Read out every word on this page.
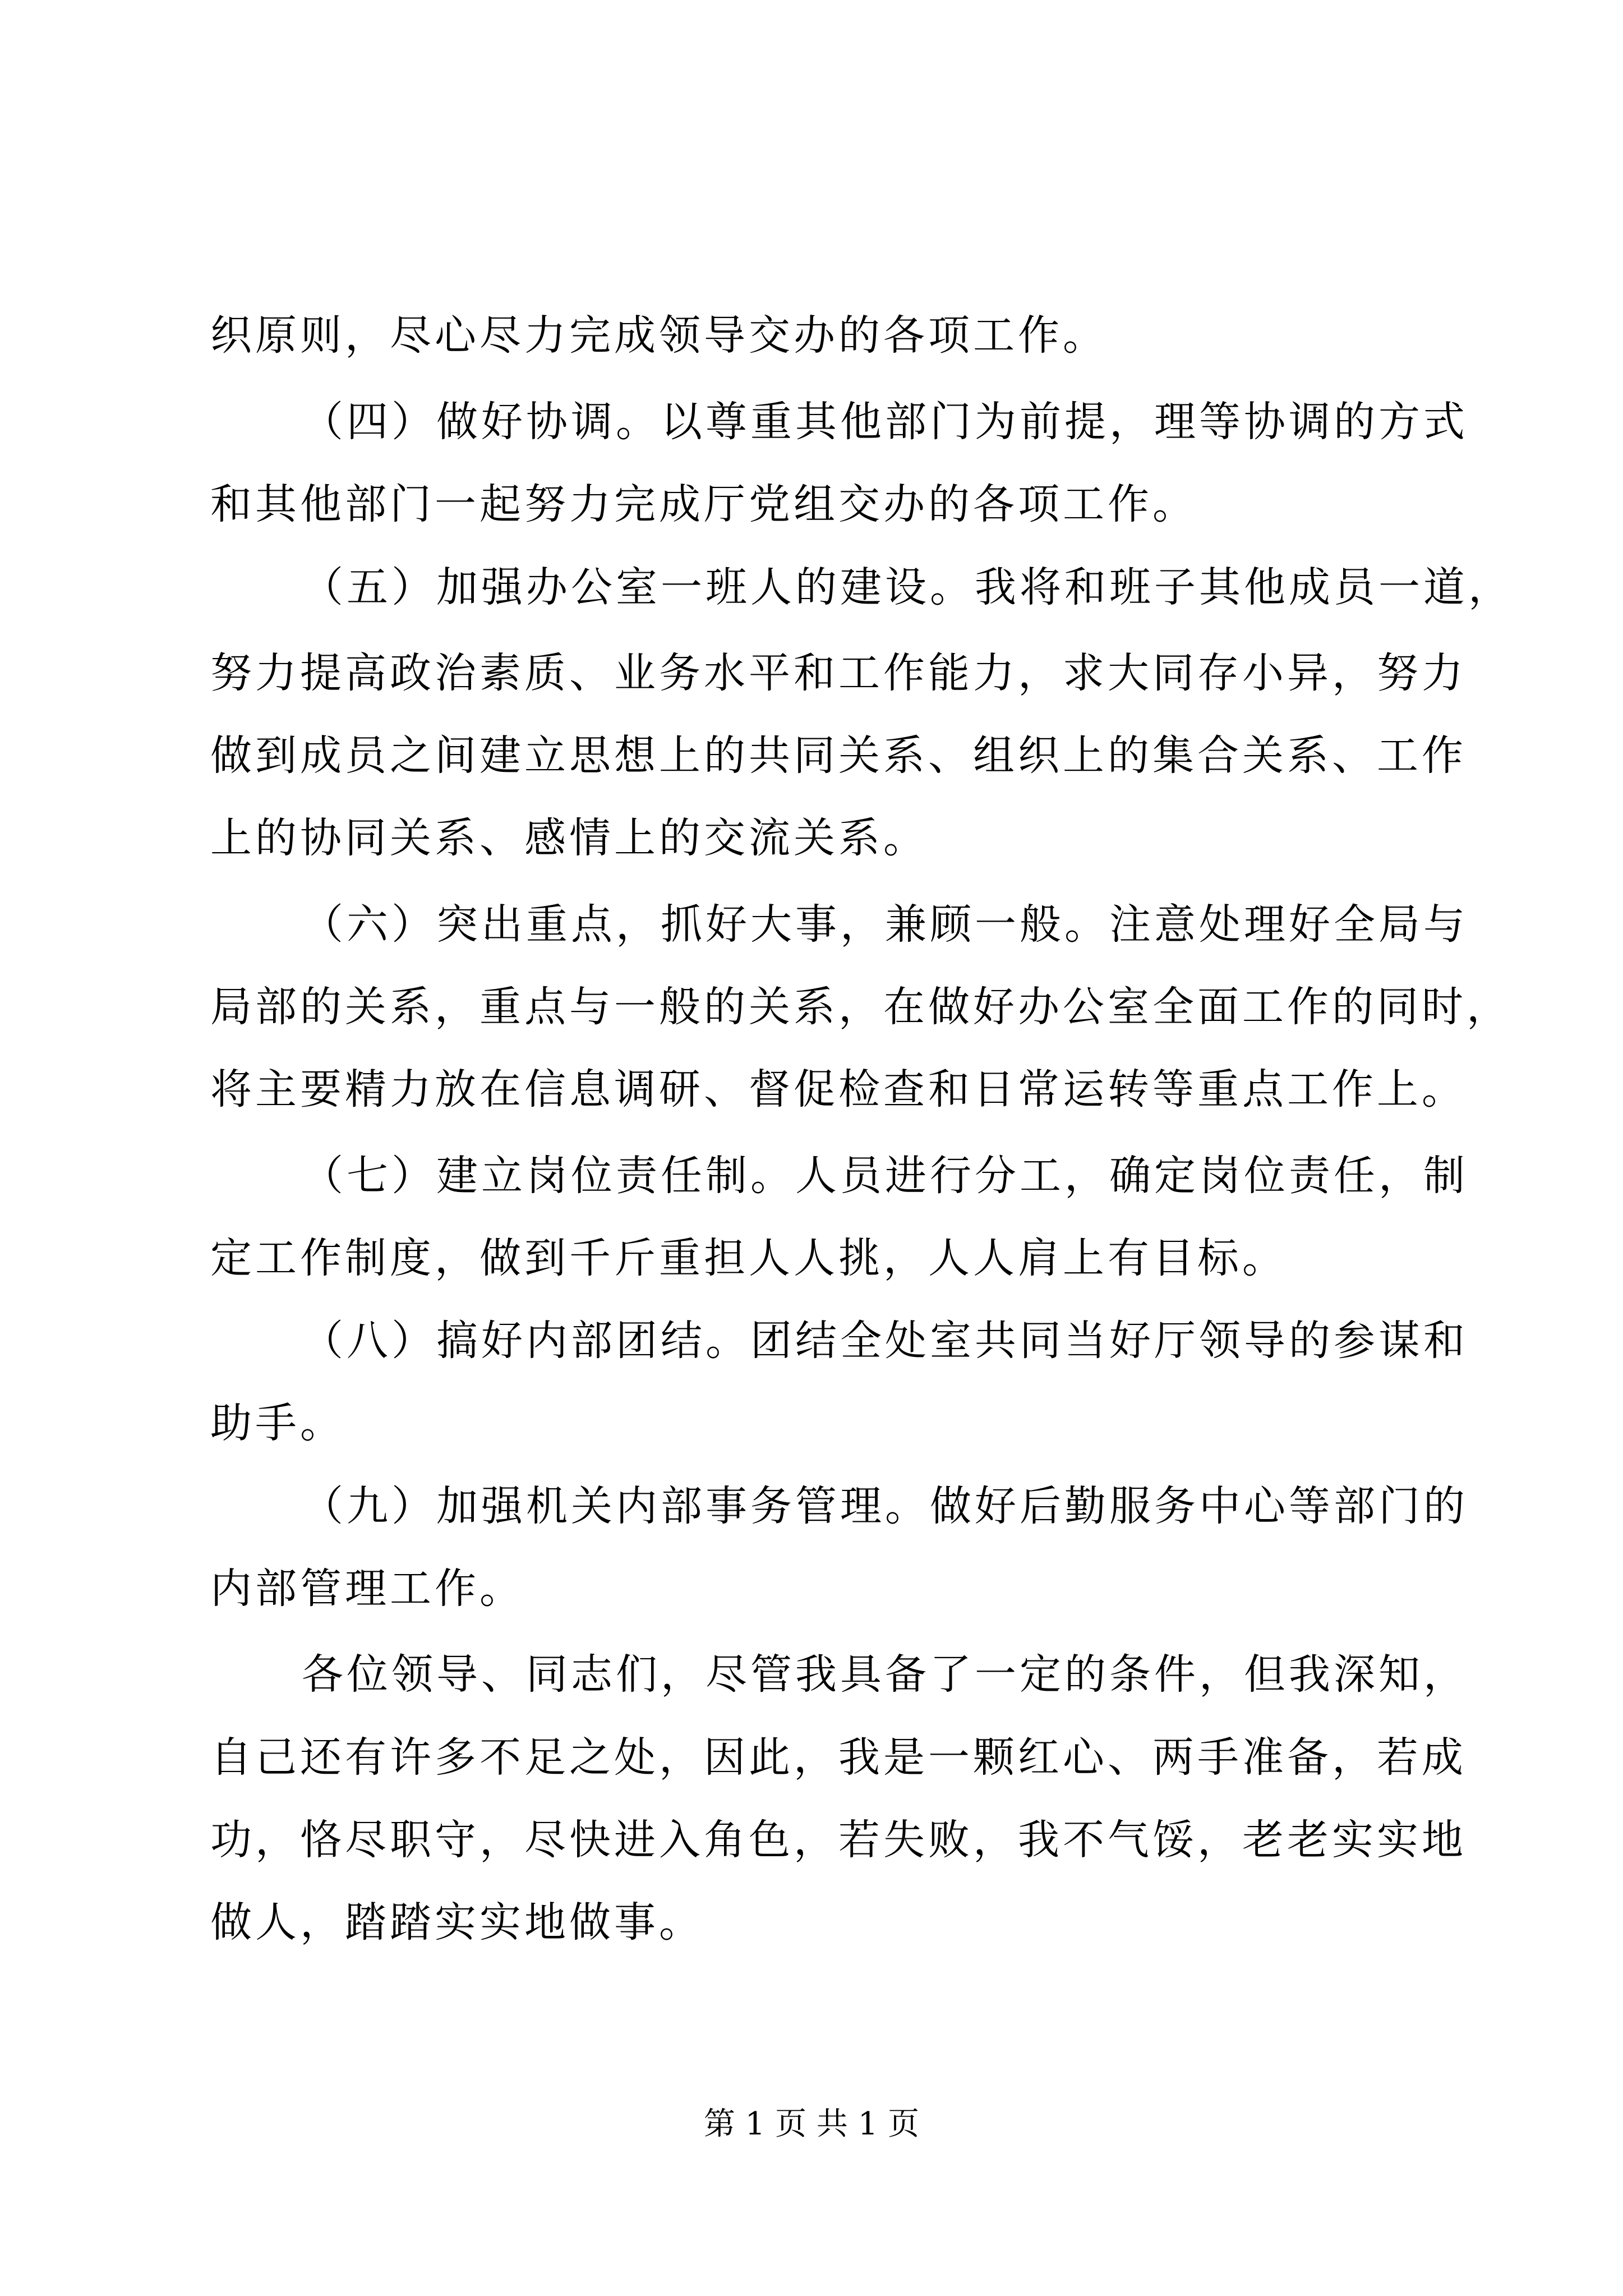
织原则，尽心尽力完成领导交办的各项工作。
（四）做好协调。以尊重其他部门为前提，理等协调的方式
和其他部门一起努力完成厅党组交办的各项工作。
（五）加强办公室一班人的建设。我将和班子其他成员一道，
努力提高政治素质、业务水平和工作能力，求大同存小异，努力
做到成员之间建立思想上的共同关系、组织上的集合关系、工作
上的协同关系、感情上的交流关系。
（六）突出重点，抓好大事，兼顾一般。注意处理好全局与
局部的关系，重点与一般的关系，在做好办公室全面工作的同时，
将主要精力放在信息调研、督促检查和日常运转等重点工作上。
（七）建立岗位责任制。人员进行分工，确定岗位责任，制
定工作制度，做到千斤重担人人挑，人人肩上有目标。
（八）搞好内部团结。团结全处室共同当好厅领导的参谋和
助手。
（九）加强机关内部事务管理。做好后勤服务中心等部门的
内部管理工作。
各位领导、同志们，尽管我具备了一定的条件，但我深知，
自己还有许多不足之处，因此，我是一颗红心、两手准备，若成
功，恪尽职守，尽快进入角色，若失败，我不气馁，老老实实地
做人，踏踏实实地做事。
第 1 页 共 1 页
